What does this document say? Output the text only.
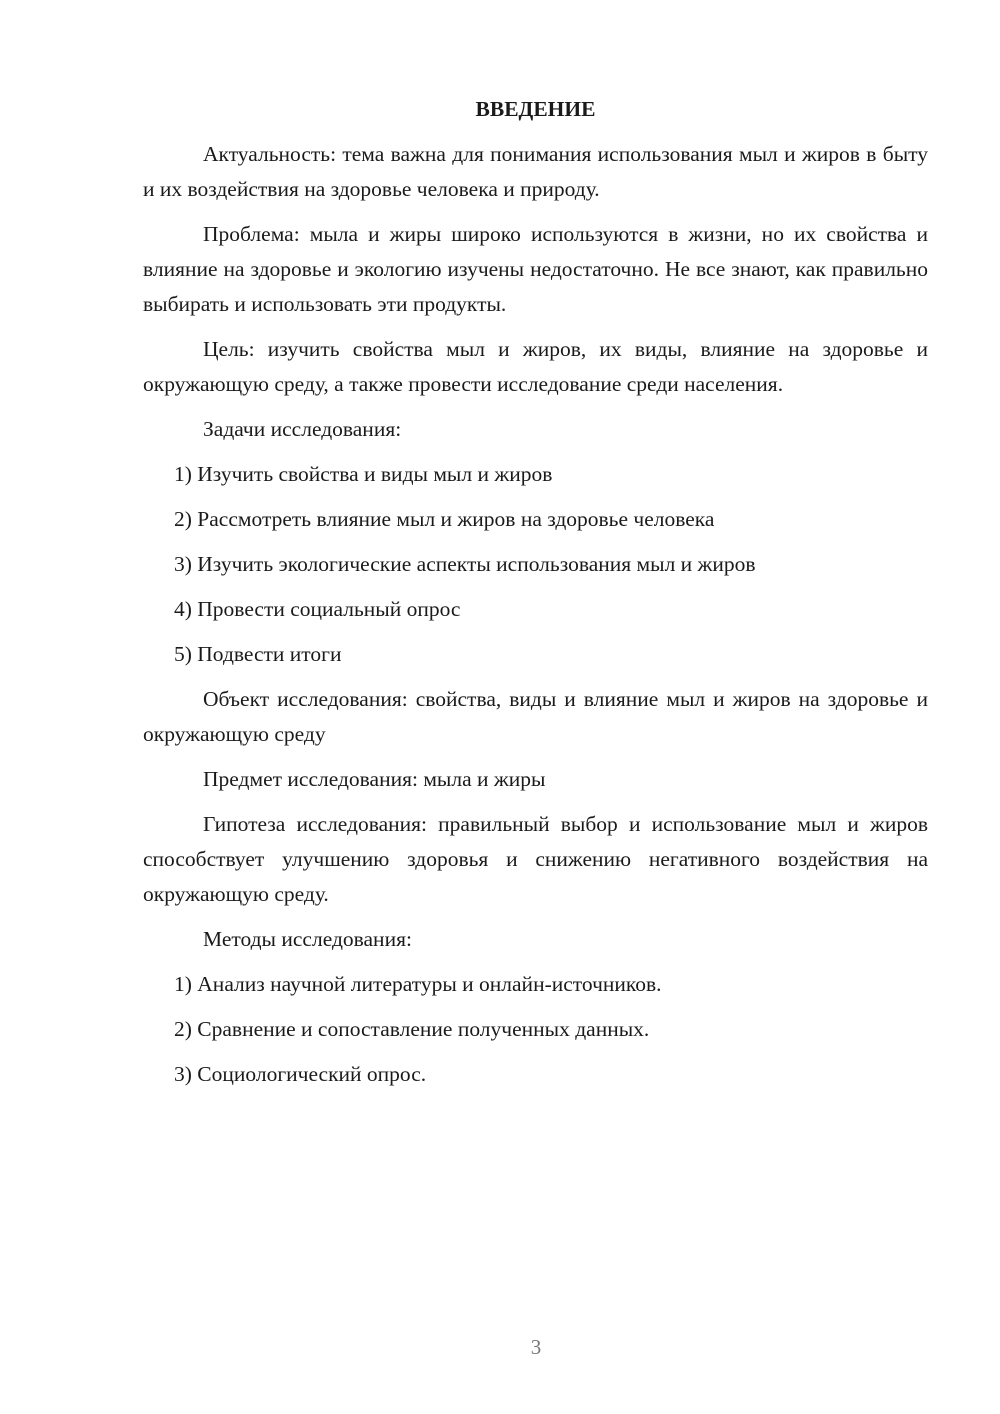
ВВЕДЕНИЕ
Актуальность: тема важна для понимания использования мыл и жиров в быту и их воздействия на здоровье человека и природу.
Проблема: мыла и жиры широко используются в жизни, но их свойства и влияние на здоровье и экологию изучены недостаточно. Не все знают, как правильно выбирать и использовать эти продукты.
Цель: изучить свойства мыл и жиров, их виды, влияние на здоровье и окружающую среду, а также провести исследование среди населения.
Задачи исследования:
1) Изучить свойства и виды мыл и жиров
2) Рассмотреть влияние мыл и жиров на здоровье человека
3) Изучить экологические аспекты использования мыл и жиров
4) Провести социальный опрос
5) Подвести итоги
Объект исследования: свойства, виды и влияние мыл и жиров на здоровье и окружающую среду
Предмет исследования: мыла и жиры
Гипотеза исследования: правильный выбор и использование мыл и жиров способствует улучшению здоровья и снижению негативного воздействия на окружающую среду.
Методы исследования:
1) Анализ научной литературы и онлайн-источников.
2) Сравнение и сопоставление полученных данных.
3) Социологический опрос.
3
